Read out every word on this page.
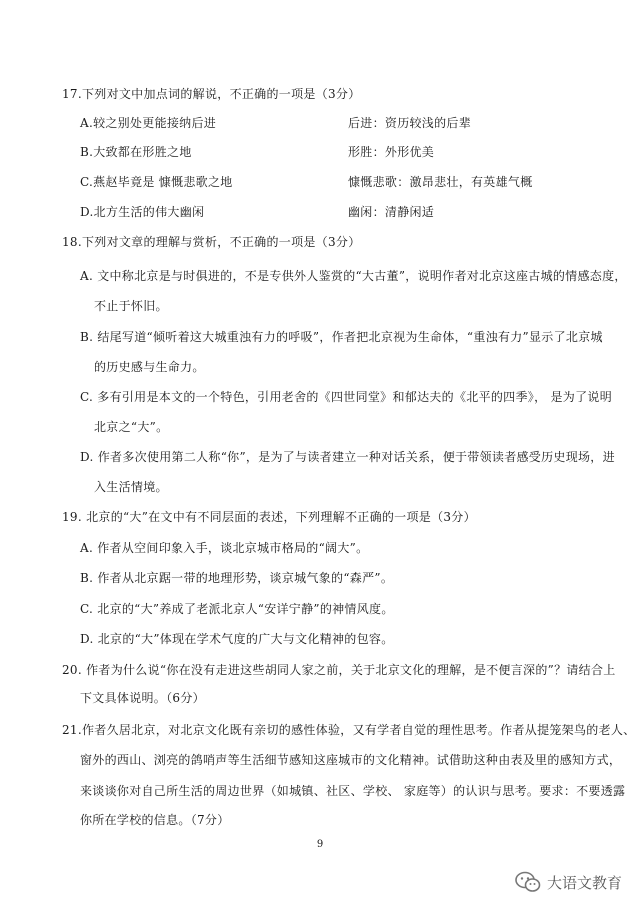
17.下列对文中加点词的解说，不正确的一项是（3分）
A.较之别处更能接纳后进	后进：资历较浅的后辈
B.大致都在形胜之地	形胜：外形优美
C.燕赵毕竟是 慷慨悲歌之地	慷慨悲歌：激昂悲壮，有英雄气概
D.北方生活的伟大幽闲	幽闲：清静闲适
18.下列对文章的理解与赏析，不正确的一项是（3分）
A. 文中称北京是与时俱进的，不是专供外人鉴赏的“大古董”，说明作者对北京这座古城的情感态度，
不止于怀旧。
B. 结尾写道“倾听着这大城重浊有力的呼吸”，作者把北京视为生命体，“重浊有力”显示了北京城
的历史感与生命力。
C. 多有引用是本文的一个特色，引用老舍的《四世同堂》和郁达夫的《北平的四季》， 是为了说明
北京之“大”。
D. 作者多次使用第二人称“你”，是为了与读者建立一种对话关系，便于带领读者感受历史现场，进
入生活情境。
19. 北京的“大”在文中有不同层面的表述，下列理解不正确的一项是（3分）
A. 作者从空间印象入手，谈北京城市格局的“阔大”。
B. 作者从北京踞一带的地理形势，谈京城气象的“森严”。
C. 北京的“大”养成了老派北京人“安详宁静”的神情风度。
D. 北京的“大”体现在学术气度的广大与文化精神的包容。
20. 作者为什么说“你在没有走进这些胡同人家之前，关于北京文化的理解，是不便言深的”？请结合上
下文具体说明。（6分）
21.作者久居北京，对北京文化既有亲切的感性体验，又有学者自觉的理性思考。作者从提笼架鸟的老人、
窗外的西山、浏亮的鸽哨声等生活细节感知这座城市的文化精神。试借助这种由表及里的感知方式，
来谈谈你对自己所生活的周边世界（如城镇、社区、学校、 家庭等）的认识与思考。要求：不要透露
你所在学校的信息。（7分）
9
大语文教育
